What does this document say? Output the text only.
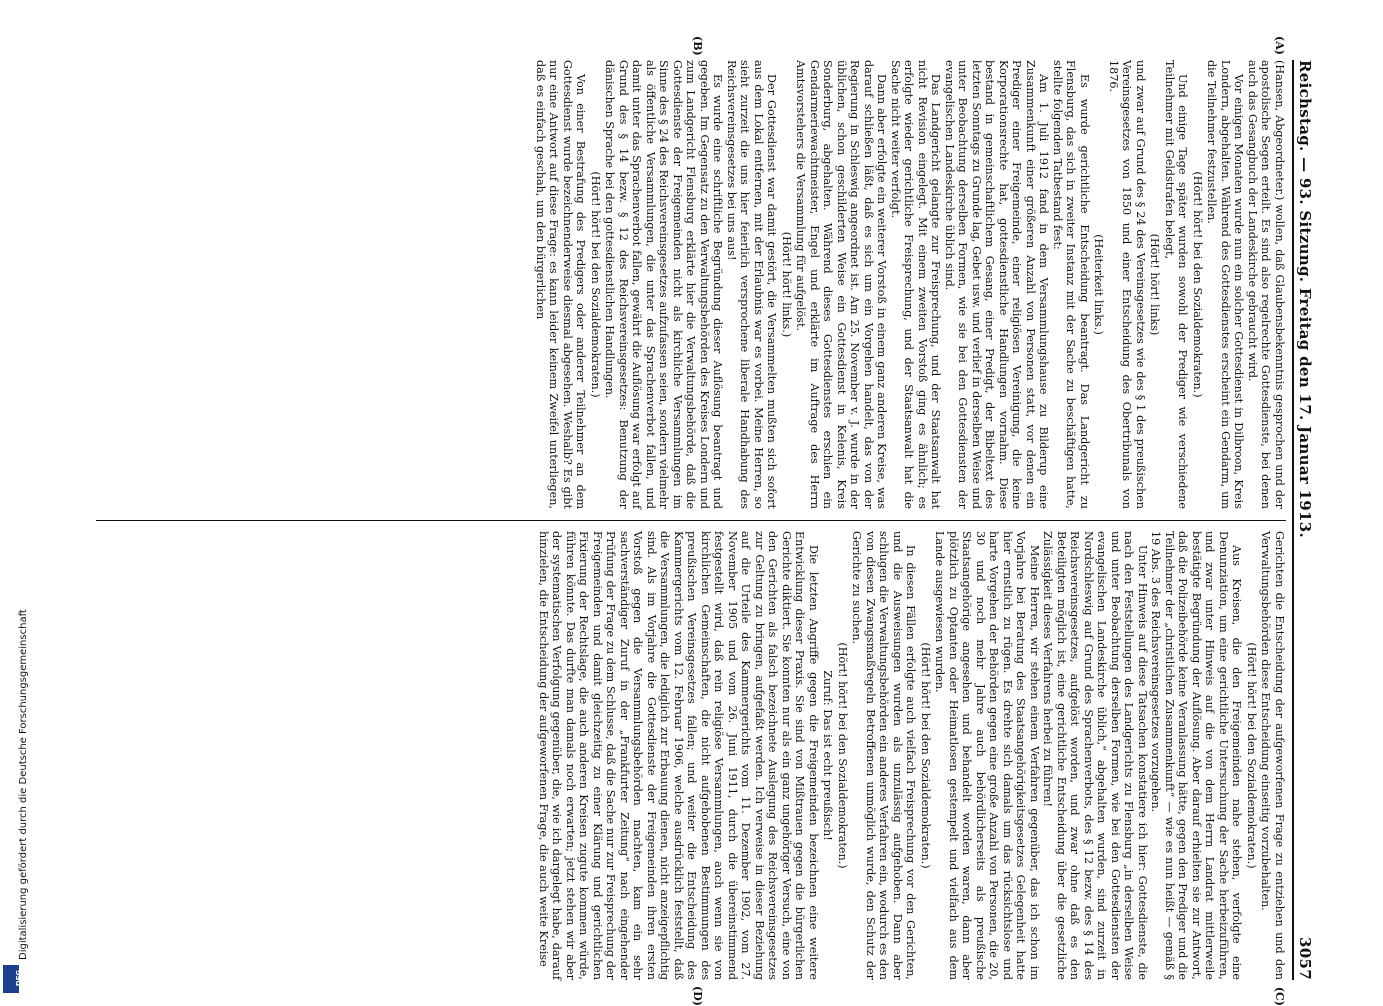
Digitalisierung gefördert durch die Deutsche Forschungsgemeinschaft
DFG
Reichstag. — 93. Sitzung. Freitag den 17. Januar 1913.
3057
(A)
(B)

(Hansen, Abgeordneter.) wollen, daß Glaubensbekenntnis gesprochen und der apostolische Segen erteilt. Es sind also regelrechte Gottesdienste, bei denen auch das Gesangbuch der Landeskirche gebraucht wird.

Vor einigen Monaten wurde nun ein solcher Gottesdienst in Dilbroon, Kreis Londern, abgehalten. Während des Gottesdienstes erscheint ein Gendarm, um die Teilnehmer festzustellen.

(Hört! hört! bei den Sozialdemokraten.)

Und einige Tage später wurden sowohl der Prediger wie verschiedene Teilnehmer mit Geldstrafen belegt,

(Hört! hört! links)

und zwar auf Grund des § 24 des Vereinsgesetzes wie des § 1 des preußischen Vereinsgesetzes von 1850 und einer Entscheidung des Obertribunals von 1876.

(Heiterkeit links.)

Es wurde gerichtliche Entscheidung beantragt. Das Landgericht zu Flensburg, das sich in zweiter Instanz mit der Sache zu beschäftigen hatte, stellte folgenden Tatbestand fest:

Am 1. Juli 1912 fand in dem Versammlungshause zu Bilderup eine Zusammenkunft einer größeren Anzahl von Personen statt, vor denen ein Prediger einer Freigemeinde, einer religiösen Vereinigung, die keine Korporationsrechte hat, gottesdienstliche Handlungen vornahm. Diese bestand in gemeinschaftlichem Gesang, einer Predigt, der Bibeltext des letzten Sonntags zu Grunde lag, Gebet usw. und verlief in derselben Weise und unter Beobachtung derselben Formen, wie sie bei den Gottesdiensten der evangelischen Landeskirche üblich sind.

Das Landgericht gelangte zur Freisprechung, und der Staatsanwalt hat nicht Revision eingelegt. Mit einem zweiten Vorstoß ging es ähnlich; es erfolgte wieder gerichtliche Freisprechung, und der Staatsanwalt hat die Sache nicht weiter verfolgt.

Dann aber erfolgte ein weiterer Vorstoß in einem ganz anderen Kreise, was darauf schließen läßt, daß es sich um ein Vorgehen handelt, das von der Regierung in Schleswig angeordnet ist. Am 25. November v. J. wurde in der üblichen, schon geschilderten Weise ein Gottesdienst in Kelenis, Kreis Sonderburg, abgehalten. Während dieses Gottesdienstes erschien ein Gendarmeriewachtmeister, Engel und erklärte im Auftrage des Herrn Amtsvorstehers die Versammlung für aufgelöst.

(Hört! hört! links.)

Der Gottesdienst war damit gestört, die Versammelten mußten sich sofort aus dem Lokal entfernen, mit der Erlaubnis war es vorbei. Meine Herren, so sieht zurzeit die uns hier feierlich versprochene liberale Handhabung des Reichsvereinsgesetzes bei uns aus!

Es wurde eine schriftliche Begründung dieser Auflösung beantragt und gegeben. Im Gegensatz zu den Verwaltungsbehörden des Kreises Londern und zum Landgericht Flensburg erklärte hier die Verwaltungsbehörde, daß die Gottesdienste der Freigemeinden nicht als kirchliche Versammlungen im Sinne des § 24 des Reichsvereinsgesetzes aufzufassen seien, sondern vielmehr als öffentliche Versammlungen, die unter das Sprachenverbot fallen, und damit unter das Sprachenverbot fallen, gewährt die Auflösung war erfolgt auf Grund des § 14 bezw. § 12 des Reichsvereinsgesetzes: Benutzung der dänischen Sprache bei den gottesdienstlichen Handlungen.

(Hört! hört! bei den Sozialdemokraten.)

Von einer Bestrafung des Predigers oder anderer Teilnehmer an dem Gottesdienst wurde bezeichnenderweise diesmal abgesehen. Weshalb? Es gibt nur eine Antwort auf diese Frage: es kann leider keinem Zweifel unterliegen, daß es einfach geschah, um den bürgerlichen

(C)
(D)

Gerichten die Entscheidung der aufgeworfenen Frage zu entziehen und den Verwaltungsbehörden diese Entscheidung einseitig vorzubehalten.

(Hört! hört! bei den Sozialdemokraten.)

Aus Kreisen, die den Freigemeinden nahe stehen, verfolgte eine Denunziation, um eine gerichtliche Untersuchung der Sache herbeizuführen, und zwar unter Hinweis auf die von dem Herrn Landrat mittlerweile bestätigte Begründung der Auflösung. Aber darauf erhielten sie zur Antwort, daß die Polizeibehörde keine Veranlassung hätte, gegen den Prediger und die Teilnehmer der „christlichen Zusammenkunft“ — wie es nun heißt — gemäß § 19 Abs. 3 des Reichsvereinsgesetzes vorzugehen.

Unter Hinweis auf diese Tatsachen konstatiere ich hier: Gottesdienste, die nach den Feststellungen des Landgerichts zu Flensburg „in derselben Weise und unter Beobachtung derselben Formen, wie bei den Gottesdiensten der evangelischen Landeskirche üblich,“ abgehalten wurden, sind zurzeit in Nordschleswig auf Grund des Sprachenverbots, des § 12 bezw. des § 14 des Reichsvereinsgesetzes, aufgelöst worden, und zwar ohne daß es den Beteiligten möglich ist, eine gerichtliche Entscheidung über die gesetzliche Zulässigkeit dieses Verfahrens herbei zu führen!

Meine Herren, wir stehen einem Verfahren gegenüber, das ich schon im Vorjahre bei Beratung des Staatsangehörigkeitsgesetzes Gelegenheit hatte hier ernstlich zu rügen. Es drehte sich damals um das rücksichtslose und harte Vorgehen der Behörden gegen eine große Anzahl von Personen, die 20, 30 und noch mehr Jahre auch behördlicherseits als preußische Staatsangehörige angesehen und behandelt worden waren, dann aber plötzlich zu Optanten oder Heimatlosen gestempelt und vielfach aus dem Lande ausgewiesen wurden.

(Hört! hört! bei den Sozialdemokraten.)

In diesen Fällen erfolgte auch vielfach Freisprechung vor den Gerichten, und die Ausweisungen wurden als unzulässig aufgehoben. Dann aber schlugen die Verwaltungsbehörden ein anderes Verfahren ein, wodurch es den von diesen Zwangsmaßregeln Betroffenen unmöglich wurde, den Schutz der Gerichte zu suchen.

(Hört! hört! bei den Sozialdemokraten.)

Zuruf: Das ist echt preußisch!

Die letzten Angriffe gegen die Freigemeinden bezeichnen eine weitere Entwicklung dieser Praxis. Sie sind von Mißtrauen gegen die bürgerlichen Gerichte diktiert. Sie konnten nur als ein ganz ungehöriger Versuch, eine von den Gerichten als falsch bezeichnete Auslegung des Reichsvereinsgesetzes zur Geltung zu bringen, aufgefaßt werden. Ich verweise in dieser Beziehung auf die Urteile des Kammergerichts vom 11. Dezember 1902, vom 27. November 1905 und vom 26. Juni 1911, durch die übereinstimmend festgestellt wird, daß rein religiöse Versammlungen, auch wenn sie von kirchlichen Gemeinschaften, die nicht aufgehobenen Bestimmungen des preußischen Vereinsgesetzes fallen; und weiter die Entscheidung des Kammergerichts vom 12. Februar 1906, welche ausdrücklich feststellt, daß die Versammlungen, die lediglich zur Erbauung dienen, nicht anzeigepflichtig sind. Als im Vorjahre die Gottesdienste der Freigemeinden ihren ersten Vorstoß gegen die Versammlungsbehörden machten, kam ein sehr sachverständiger Zuruf in der „Frankfurter Zeitung“ nach eingehender Prüfung der Frage zu dem Schlusse, daß die Sache nur zur Freisprechung der Freigemeinden und damit gleichzeitig zu einer Klärung und gerichtlichen Fixierung der Rechtslage, die auch anderen Kreisen zugute kommen würde, führen könnte. Das durfte man damals noch erwarten; jetzt stehen wir aber der systematischen Verfolgung gegenüber, die, wie ich dargelegt habe, darauf hinzielen, die Entscheidung der aufgeworfenen Frage, die auch weite Kreise
